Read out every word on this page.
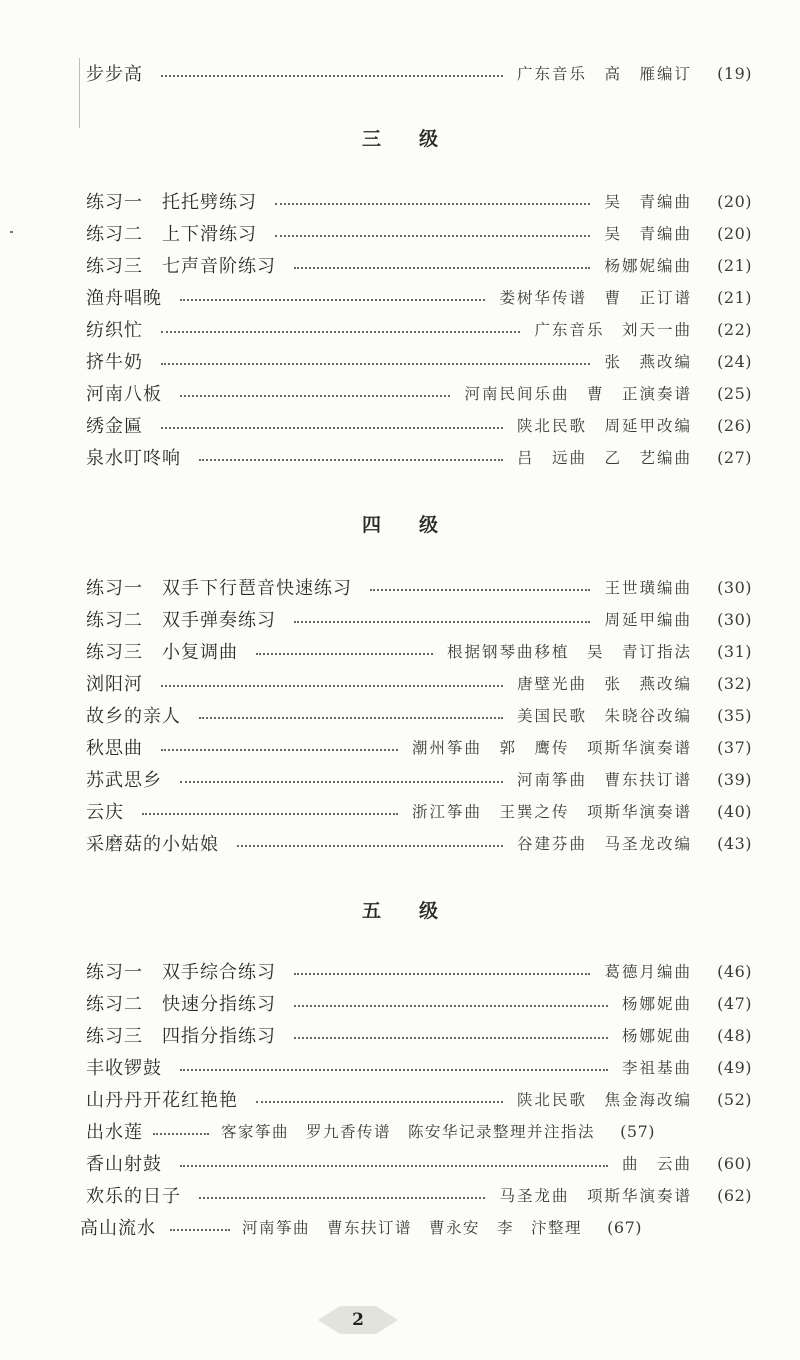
步步高	广东音乐　高　雁编订	(19)
三级
练习一　托托劈练习	吴　青编曲	(20)
练习二　上下滑练习	吴　青编曲	(20)
练习三　七声音阶练习	杨娜妮编曲	(21)
渔舟唱晚	娄树华传谱　曹　正订谱	(21)
纺织忙	广东音乐　刘天一曲	(22)
挤牛奶	张　燕改编	(24)
河南八板	河南民间乐曲　曹　正演奏谱	(25)
绣金匾	陕北民歌　周延甲改编	(26)
泉水叮咚响	吕　远曲　乙　艺编曲	(27)
四级
练习一　双手下行琶音快速练习	王世璜编曲	(30)
练习二　双手弹奏练习	周延甲编曲	(30)
练习三　小复调曲	根据钢琴曲移植　吴　青订指法	(31)
浏阳河	唐壁光曲　张　燕改编	(32)
故乡的亲人	美国民歌　朱晓谷改编	(35)
秋思曲	潮州筝曲　郭　鹰传　项斯华演奏谱	(37)
苏武思乡	河南筝曲　曹东扶订谱	(39)
云庆	浙江筝曲　王巽之传　项斯华演奏谱	(40)
采磨菇的小姑娘	谷建芬曲　马圣龙改编	(43)
五级
练习一　双手综合练习	葛德月编曲	(46)
练习二　快速分指练习	杨娜妮曲	(47)
练习三　四指分指练习	杨娜妮曲	(48)
丰收锣鼓	李祖基曲	(49)
山丹丹开花红艳艳	陕北民歌　焦金海改编	(52)
出水莲	客家筝曲　罗九香传谱　陈安华记录整理并注指法	(57)
香山射鼓	曲　云曲	(60)
欢乐的日子	马圣龙曲　项斯华演奏谱	(62)
高山流水	河南筝曲　曹东扶订谱　曹永安　李　汴整理	(67)
2
